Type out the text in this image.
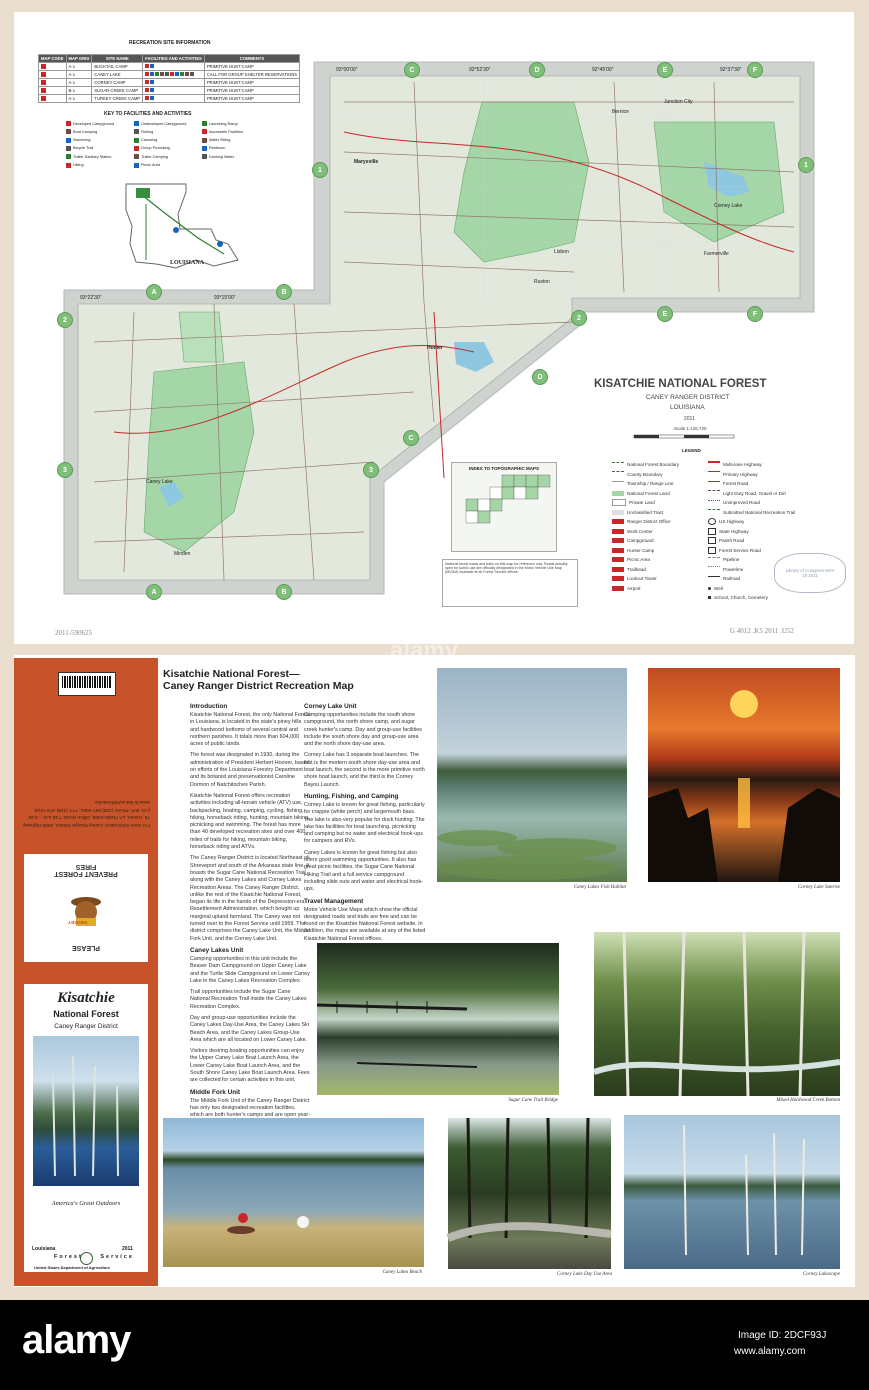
RECREATION SITE INFORMATION
MAP CODE	MAP GRID	SITE NAME	FACILITIES AND ACTIVITIES	COMMENTS
	A-1	BUCKTAIL CAMP		PRIMITIVE HUNT CAMP
	A-1	CANEY LAKE		CALL FOR GROUP SHELTER RESERVATIONS
	A-1	CORNEY CAMP		PRIMITIVE HUNT CAMP
	B-1	SUGAR CREEK CAMP		PRIMITIVE HUNT CAMP
	A-1	TURKEY CREEK CAMP		PRIMITIVE HUNT CAMP
KEY TO FACILITIES AND ACTIVITIES
Developed Campground	Undeveloped Campground	Launching Ramp
Boat Camping	Fishing	Accessible Facilities
Swimming	Canoeing	Water Skiing
Bicycle Trail	Group Picnicking	Restroom
Trailer Sanitary Station	Trailer Camping	Drinking Water
Hiking	Picnic Area
LOUISIANA
Marysville
Homer
Bernice
Junction City
Lisbon
Ruston
Farmerville
Caney Lake
Corney Lake
Minden
93°00'00"	92°52'30"	92°45'00"	92°37'30"
93°22'30"	93°15'00"
C	D	E	F
A	B
E	F
D
C
A	B
1
1
2	2
3	3
KISATCHIE NATIONAL FOREST
CANEY RANGER DISTRICT
LOUISIANA
2011
Scale 1:126,720
LEGEND
National Forest Boundary
County Boundary
Township / Range Line
National Forest Land
Private Land
Unclassified Tract
Ranger District Office
Work Center
Campground
Hunter Camp
Picnic Area
Trailhead
Lookout Tower
Airport
Multi-lane Highway
Primary Highway
Forest Road
Light Duty Road, Gravel or Dirt
Unimproved Road
Submitted National Recreation Trail
US Highway
State Highway
Parish Road
Forest Service Road
Pipeline
Powerline
Railroad
Well
School, Church, Cemetery
INDEX TO TOPOGRAPHIC MAPS
National forest roads and trails on this map for reference only. Roads actually open for public use are officially designated in the Motor Vehicle Use Map (MVUM) available at all Forest Service offices.	Library of Congress MAY 19 2011
2011-590625	G 4012 .K5 2011 .U52
For more information: Caney Ranger District, 3325 Highway 79, Homer, LA 71040-5469, Office Hours 7:30 a.m. - 4:30 p.m. M-F, Phone (318) 927-2061, TTY (318) 473-7218, www.fs.fed.us/r8/kisatchie
PREVENT FOREST FIRES
SMOKEY
PLEASE
Kisatchie
National Forest
Caney Ranger District
America's Great Outdoors
Louisiana	2011
Forest Service
United States Department of Agriculture
Kisatchie National Forest—
Caney Ranger District Recreation Map
Introduction

Kisatchie National Forest, the only National Forest in Louisiana, is located in the state's piney hills and hardwood bottoms of several central and northern parishes. It totals more than 604,000 acres of public lands.

The forest was designated in 1930, during the administration of President Herbert Hoover, based on efforts of the Louisiana Forestry Department and its botanist and preservationist Caroline Dormon of Natchitoches Parish.

Kisatchie National Forest offers recreation activities including all-terrain vehicle (ATV) use, backpacking, boating, camping, cycling, fishing, hiking, horseback riding, hunting, mountain biking, picnicking and swimming. The forest has more than 40 developed recreation sites and over 400 miles of trails for hiking, mountain biking, horseback riding and ATVs.

The Caney Ranger District is located Northeast of Shreveport and south of the Arkansas state line. It boasts the Sugar Cane National Recreation Trail along with the Caney Lakes and Corney Lakes Recreation Areas. The Caney Ranger District, unlike the rest of the Kisatchie National Forest, began its life in the hands of the Depression-era Resettlement Administration, which bought up marginal upland farmland. The Caney was not turned over to the Forest Service until 1959. The district comprises the Caney Lake Unit, the Middle Fork Unit, and the Corney Lake Unit.

Caney Lakes Unit

Camping opportunities in this unit include the Beaver Dam Campground on Upper Caney Lake and the Turtle Slide Campground on Lower Caney Lake in the Caney Lakes Recreation Complex.

Trail opportunities include the Sugar Cane National Recreation Trail inside the Caney Lakes Recreation Complex.

Day and group-use opportunities include the Caney Lakes Day-Use Area, the Caney Lakes Ski Beach Area, and the Caney Lakes Group-Use Area which are all located on Lower Caney Lake.

Visitors desiring boating opportunities can enjoy the Upper Caney Lake Boat Launch Area, the Lower Caney Lake Boat Launch Area, and the South Shore Caney Lake Boat Launch Area. Fees are collected for certain activities in this unit.

Middle Fork Unit

The Middle Fork Unit of the Caney Ranger District has only two designated recreation facilities, which are both hunter's camps and are open year-

Corney Lake Unit

Camping opportunities include the south shore campground, the north shore camp, and sugar creek hunter's camp. Day and group-use facilities include the south shore day and group-use area and the north shore day-use area.

Corney Lake has 3 separate boat launches. The first is the modern south shore day-use area and boat launch, the second is the more primitive north shore boat launch, and the third is the Corney Bayou Launch.

Hunting, Fishing, and Camping

Corney Lake is known for great fishing, particularly for crappie (white perch) and largemouth bass. The lake is also very popular for duck hunting. The lake has facilities for boat launching, picnicking and camping but no water and electrical hook-ups for campers and RVs.

Caney Lakes is known for great fishing but also offers good swimming opportunities. It also has great picnic facilities, the Sugar Cane National Hiking Trail and a full service campground including slide outs and water and electrical hook-ups.

Travel Management

Motor Vehicle Use Maps which show the official designated roads and trails are free and can be found on the Kisatchie National Forest website. In addition, the maps are available at any of the listed Kisatchie National Forest offices.

Caney Lakes Fish Habitat	Corney Lake Sunrise
Sugar Cane Trail Bridge	Mixed Hardwood Creek Bottom
Caney Lakes Beach	Corney Lake Day Use Area	Corney Lakescape
alamy
alamy	Image ID: 2DCF93J
www.alamy.com
